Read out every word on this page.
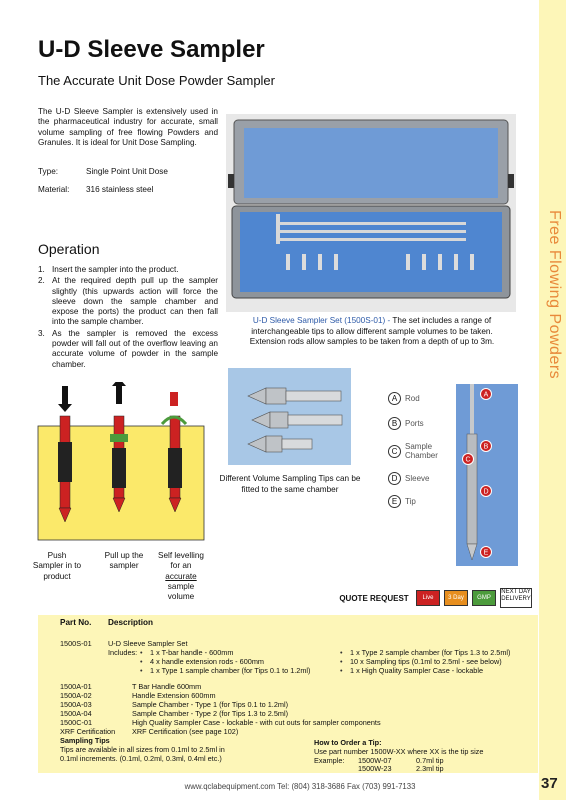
Free Flowing Powders
37
U-D Sleeve Sampler
The Accurate Unit Dose Powder Sampler
The U-D Sleeve Sampler is extensively used in the pharmaceutical industry for accurate, small volume sampling of free flowing Powders and Granules. It is ideal for Unit Dose Sampling.
Type:	Single Point Unit Dose
Material: 316 stainless steel
Operation
1. Insert the sampler into the product.
2. At the required depth pull up the sampler slightly (this upwards action will force the sleeve down the sample chamber and expose the ports) the product can then fall into the sample chamber.
3. As the sampler is removed the excess powder will fall out of the overflow leaving an accurate volume of powder in the sample chamber.
U-D Sleeve Sampler Set (1500S-01) - The set includes a range of interchangeable tips to allow different sample volumes to be taken. Extension rods allow samples to be taken from a depth of up to 3m.
Different Volume Sampling Tips can be fitted to the same chamber
Push Sampler in to product
Pull up the sampler
Self levelling for an accurate sample volume
A Rod
B Ports
C Sample Chamber
D Sleeve
E Tip
A
B
C
D
E
QUOTE REQUEST	Live Chat
3 Day	GMP
NEXT DAY DELIVERY
Part No. Description
1500S-01 U-D Sleeve Sampler Set
Includes:
• 1 x T-bar handle - 600mm
• 4 x handle extension rods - 600mm
• 1 x Type 1 sample chamber (for Tips 0.1 to 1.2ml)
• 1 x Type 2 sample chamber (for Tips 1.3 to 2.5ml)
• 10 x Sampling tips (0.1ml to 2.5ml - see below)
• 1 x High Quality Sampler Case - lockable
1500A-01	T Bar Handle 600mm
1500A-02	Handle Extension 600mm
1500A-03	Sample Chamber - Type 1 (for Tips 0.1 to 1.2ml)
1500A-04	Sample Chamber - Type 2 (for Tips 1.3 to 2.5ml)
1500C-01	High Quality Sampler Case - lockable - with cut outs for sampler components
XRF Certification XRF Certification (see page 102)
Sampling Tips
Tips are available in all sizes from 0.1ml to 2.5ml in
0.1ml increments. (0.1ml, 0.2ml, 0.3ml, 0.4ml etc.)
How to Order a Tip:
Use part number 1500W-XX where XX is the tip size
Example: 1500W-07	0.7ml tip
1500W-23	2.3ml tip
www.qclabequipment.com Tel: (804) 318-3686 Fax (703) 991-7133
